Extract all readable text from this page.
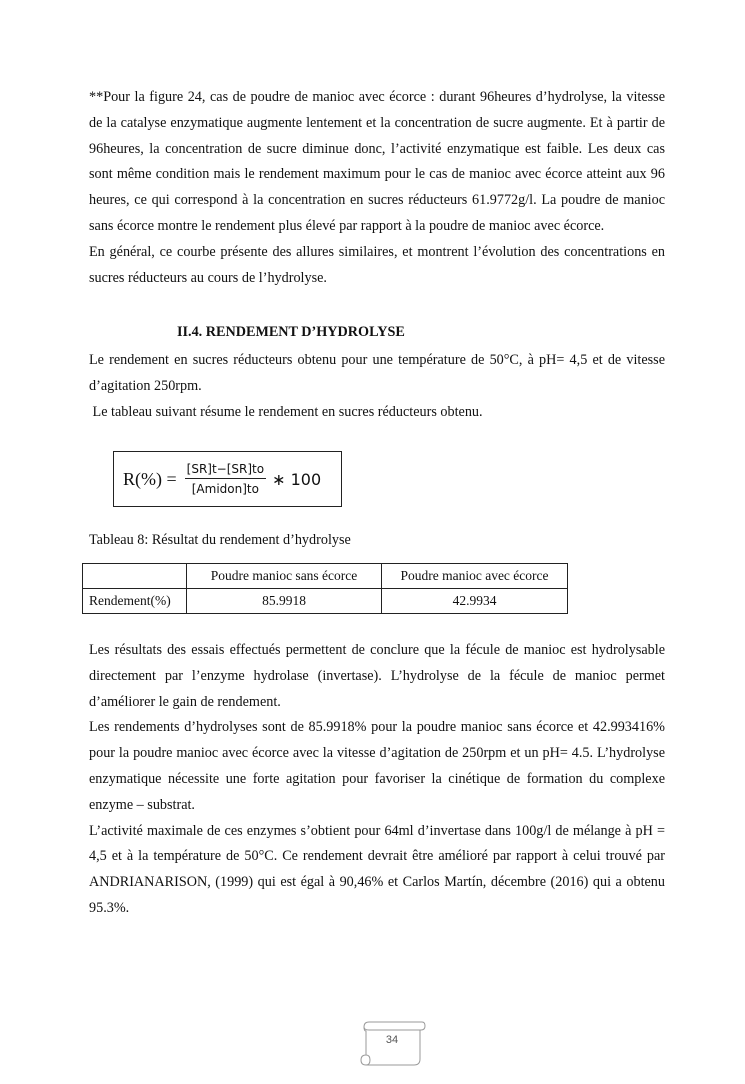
**Pour la figure 24, cas de poudre de manioc avec écorce : durant 96heures d’hydrolyse, la vitesse de la catalyse enzymatique augmente lentement et la concentration de sucre augmente. Et à partir de 96heures, la concentration de sucre diminue donc, l’activité enzymatique est faible. Les deux cas sont même condition mais le rendement maximum pour le cas de manioc avec écorce atteint aux 96 heures, ce qui correspond à la concentration en sucres réducteurs 61.9772g/l. La poudre de manioc sans écorce montre le rendement plus élevé par rapport à la poudre de manioc avec écorce.

En général, ce courbe présente des allures similaires, et montrent l’évolution des concentrations en sucres réducteurs au cours de l’hydrolyse.

II.4. RENDEMENT D’HYDROLYSE

Le rendement en sucres réducteurs obtenu pour une température de 50°C, à pH= 4,5 et de vitesse d’agitation 250rpm.

Le tableau suivant résume le rendement en sucres réducteurs obtenu.

$R(\%) = \frac{[SR]t-[SR]to}{\text{[Amidon]to}}$ ∗ 100
Tableau 8: Résultat du rendement d’hydrolyse
	Poudre manioc sans écorce	Poudre manioc avec écorce
Rendement(%)	85.9918	42.9934

Les résultats des essais effectués permettent de conclure que la fécule de manioc est hydrolysable directement par l’enzyme hydrolase (invertase). L’hydrolyse de la fécule de manioc permet d’améliorer le gain de rendement.

Les rendements d’hydrolyses sont de 85.9918% pour la poudre manioc sans écorce et 42.993416% pour la poudre manioc avec écorce avec la vitesse d’agitation de 250rpm et un pH= 4.5. L’hydrolyse enzymatique nécessite une forte agitation pour favoriser la cinétique de formation du complexe enzyme – substrat.

L’activité maximale de ces enzymes s’obtient pour 64ml d’invertase dans 100g/l de mélange à pH = 4,5 et à la température de 50°C. Ce rendement devrait être amélioré par rapport à celui trouvé par ANDRIANARISON, (1999) qui est égal à 90,46% et Carlos Martín, décembre (2016) qui a obtenu 95.3%.

34
